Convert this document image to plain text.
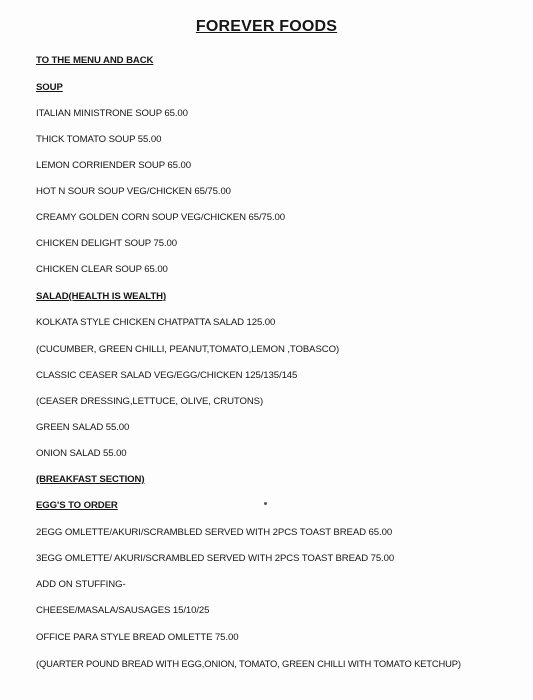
FOREVER FOODS
TO THE MENU AND BACK
SOUP
ITALIAN MINISTRONE SOUP 65.00
THICK TOMATO SOUP 55.00
LEMON CORRIENDER SOUP 65.00
HOT N SOUR SOUP VEG/CHICKEN 65/75.00
CREAMY GOLDEN CORN SOUP VEG/CHICKEN 65/75.00
CHICKEN DELIGHT SOUP 75.00
CHICKEN CLEAR SOUP 65.00
SALAD(HEALTH IS WEALTH)
KOLKATA STYLE CHICKEN CHATPATTA SALAD 125.00
(CUCUMBER, GREEN CHILLI, PEANUT,TOMATO,LEMON ,TOBASCO)
CLASSIC CEASER SALAD VEG/EGG/CHICKEN 125/135/145
(CEASER DRESSING,LETTUCE, OLIVE, CRUTONS)
GREEN SALAD 55.00
ONION SALAD 55.00
(BREAKFAST SECTION)
EGG'S TO ORDER
2EGG OMLETTE/AKURI/SCRAMBLED SERVED WITH 2PCS TOAST BREAD 65.00
3EGG OMLETTE/ AKURI/SCRAMBLED SERVED WITH 2PCS TOAST BREAD 75.00
ADD ON STUFFING-
CHEESE/MASALA/SAUSAGES 15/10/25
OFFICE PARA STYLE BREAD OMLETTE 75.00
(QUARTER POUND BREAD WITH EGG,ONION, TOMATO, GREEN CHILLI WITH TOMATO KETCHUP)
